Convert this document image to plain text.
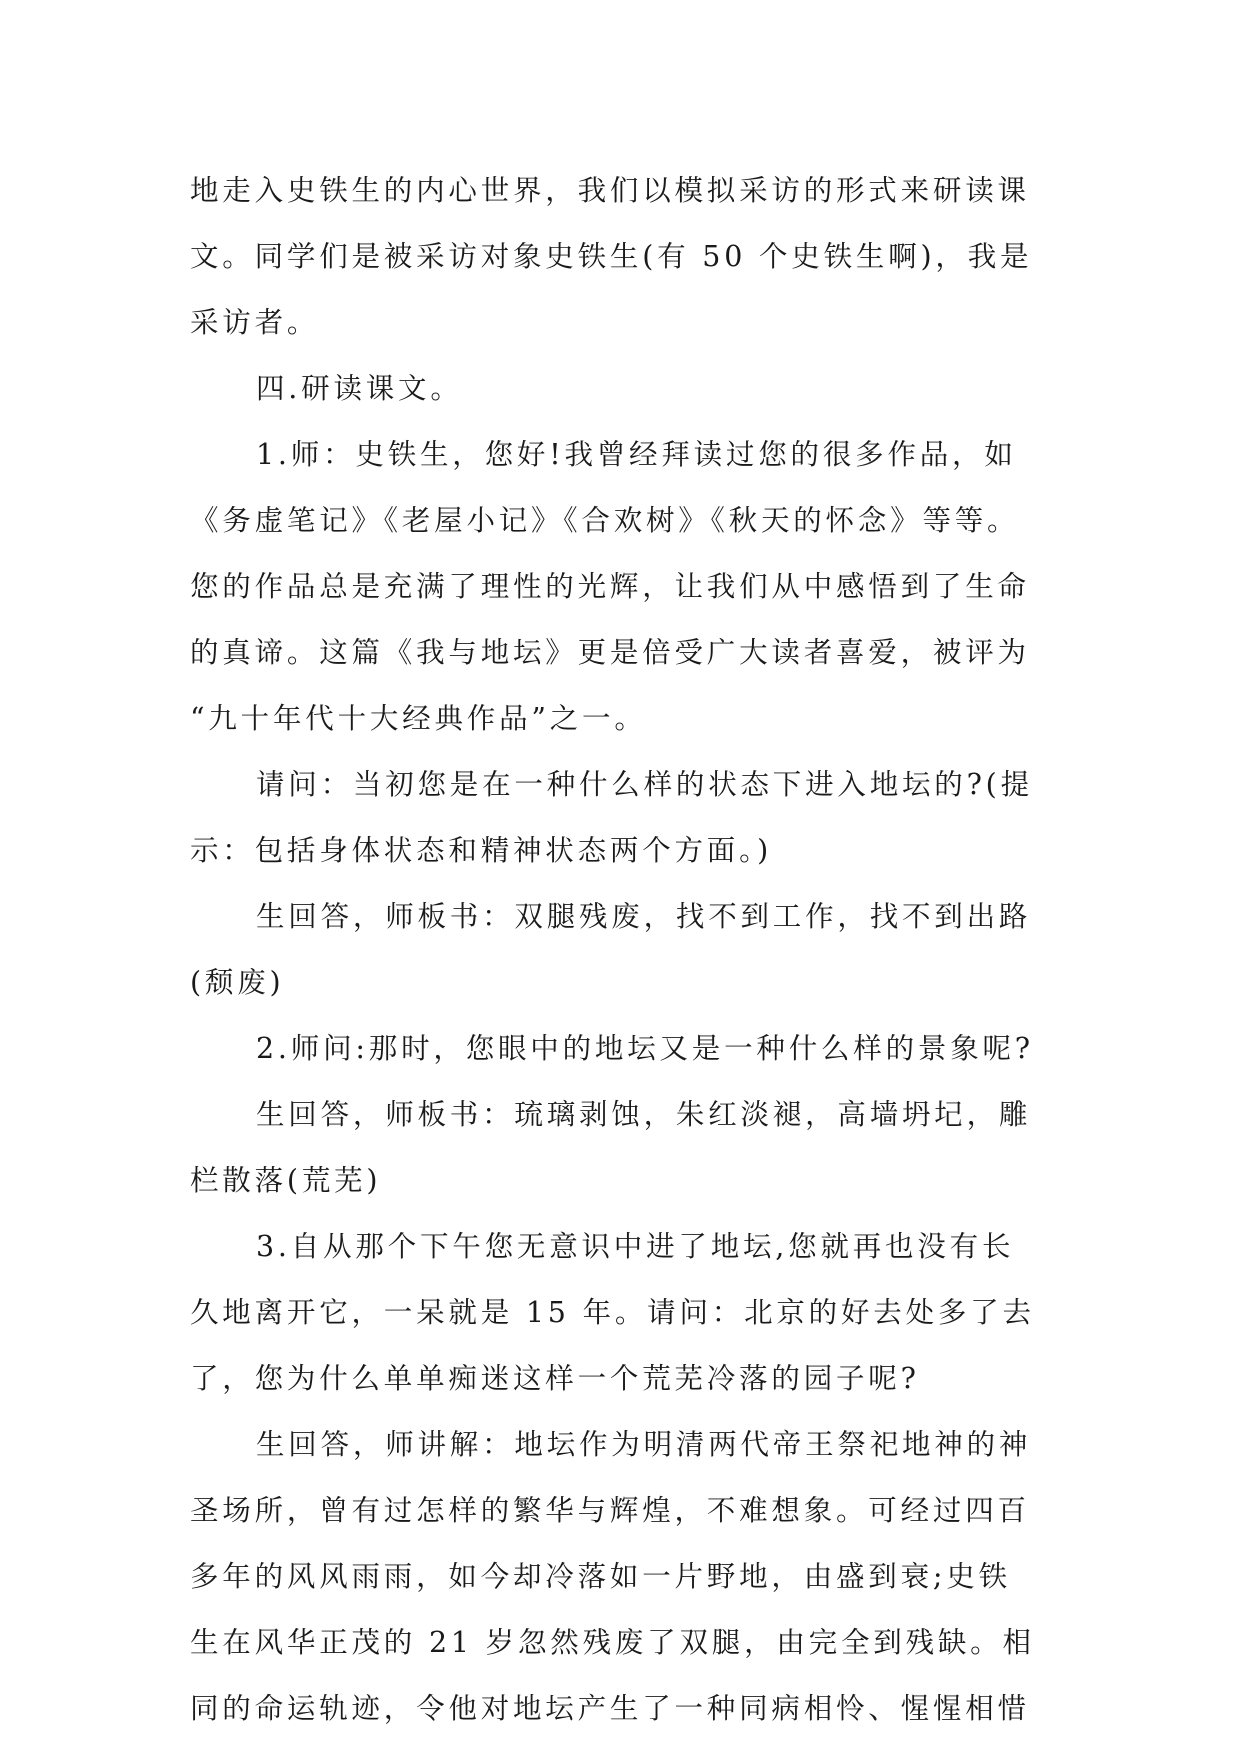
地走入史铁生的内心世界，我们以模拟采访的形式来研读课
文。同学们是被采访对象史铁生(有 50 个史铁生啊)，我是
采访者。
四.研读课文。
1.师：史铁生，您好!我曾经拜读过您的很多作品，如
《务虚笔记》《老屋小记》《合欢树》《秋天的怀念》等等。
您的作品总是充满了理性的光辉，让我们从中感悟到了生命
的真谛。这篇《我与地坛》更是倍受广大读者喜爱，被评为
“九十年代十大经典作品”之一。
请问：当初您是在一种什么样的状态下进入地坛的?(提
示：包括身体状态和精神状态两个方面。)
生回答，师板书：双腿残废，找不到工作，找不到出路
(颓废)
2.师问:那时，您眼中的地坛又是一种什么样的景象呢?
生回答，师板书：琉璃剥蚀，朱红淡褪，高墙坍圮，雕
栏散落(荒芜)
3.自从那个下午您无意识中进了地坛,您就再也没有长
久地离开它，一呆就是 15 年。请问：北京的好去处多了去
了，您为什么单单痴迷这样一个荒芜冷落的园子呢?
生回答，师讲解：地坛作为明清两代帝王祭祀地神的神
圣场所，曾有过怎样的繁华与辉煌，不难想象。可经过四百
多年的风风雨雨，如今却冷落如一片野地，由盛到衰;史铁
生在风华正茂的 21 岁忽然残废了双腿，由完全到残缺。相
同的命运轨迹，令他对地坛产生了一种同病相怜、惺惺相惜
